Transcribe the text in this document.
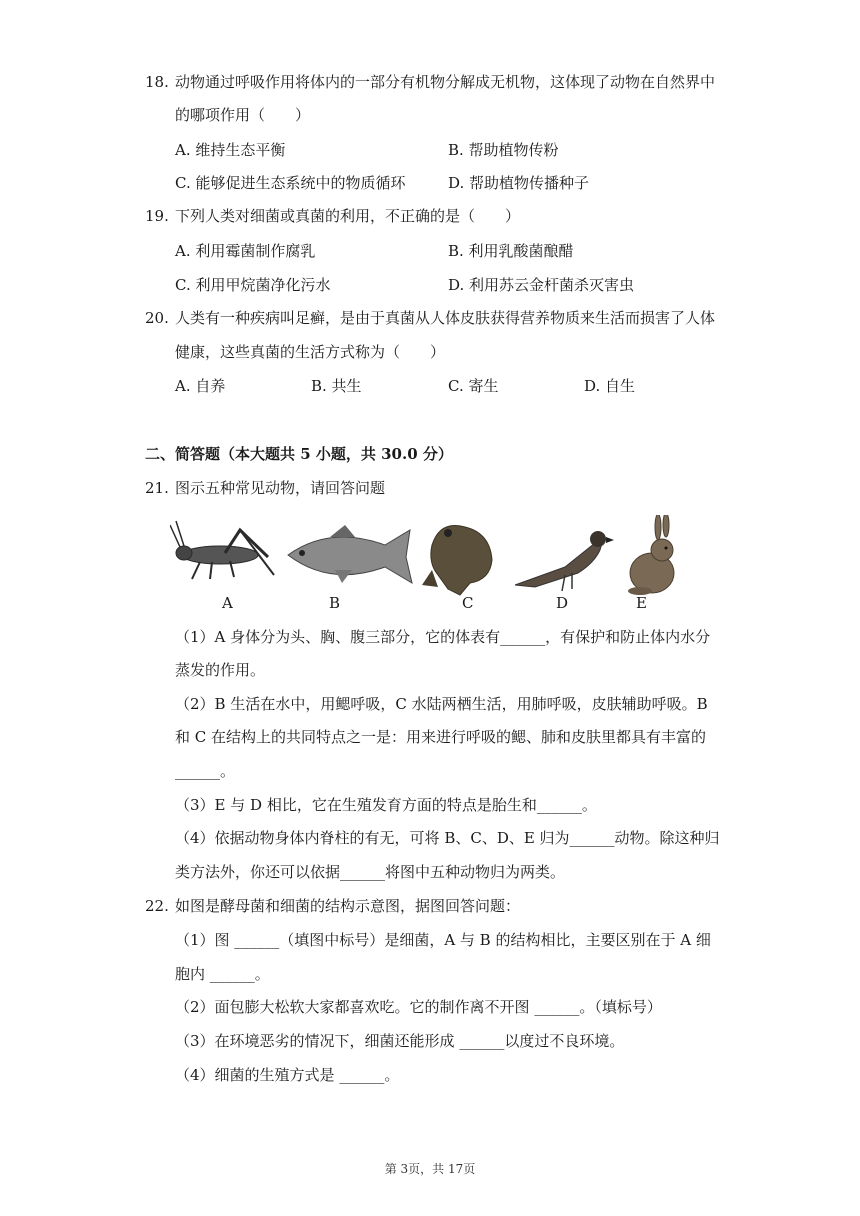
18. 动物通过呼吸作用将体内的一部分有机物分解成无机物，这体现了动物在自然界中
的哪项作用（　　）
A. 维持生态平衡	B. 帮助植物传粉
C. 能够促进生态系统中的物质循环	D. 帮助植物传播种子
19. 下列人类对细菌或真菌的利用，不正确的是（　　）
A. 利用霉菌制作腐乳	B. 利用乳酸菌酿醋
C. 利用甲烷菌净化污水	D. 利用苏云金杆菌杀灭害虫
20. 人类有一种疾病叫足癣，是由于真菌从人体皮肤获得营养物质来生活而损害了人体
健康，这些真菌的生活方式称为（　　）
A. 自养	B. 共生	C. 寄生	D. 自生
二、简答题（本大题共 5 小题，共 30.0 分）
21. 图示五种常见动物，请回答问题
A	B	C	D	E
（1）A 身体分为头、胸、腹三部分，它的体表有______，有保护和防止体内水分
蒸发的作用。
（2）B 生活在水中，用鳃呼吸，C 水陆两栖生活，用肺呼吸，皮肤辅助呼吸。B
和 C 在结构上的共同特点之一是：用来进行呼吸的鳃、肺和皮肤里都具有丰富的
______。
（3）E 与 D 相比，它在生殖发育方面的特点是胎生和______。
（4）依据动物身体内脊柱的有无，可将 B、C、D、E 归为______动物。除这种归
类方法外，你还可以依据______将图中五种动物归为两类。
22. 如图是酵母菌和细菌的结构示意图，据图回答问题：
（1）图 ______（填图中标号）是细菌，A 与 B 的结构相比，主要区别在于 A 细
胞内 ______。
（2）面包膨大松软大家都喜欢吃。它的制作离不开图 ______。（填标号）
（3）在环境恶劣的情况下，细菌还能形成 ______以度过不良环境。
（4）细菌的生殖方式是 ______。
第 3页，共 17页
